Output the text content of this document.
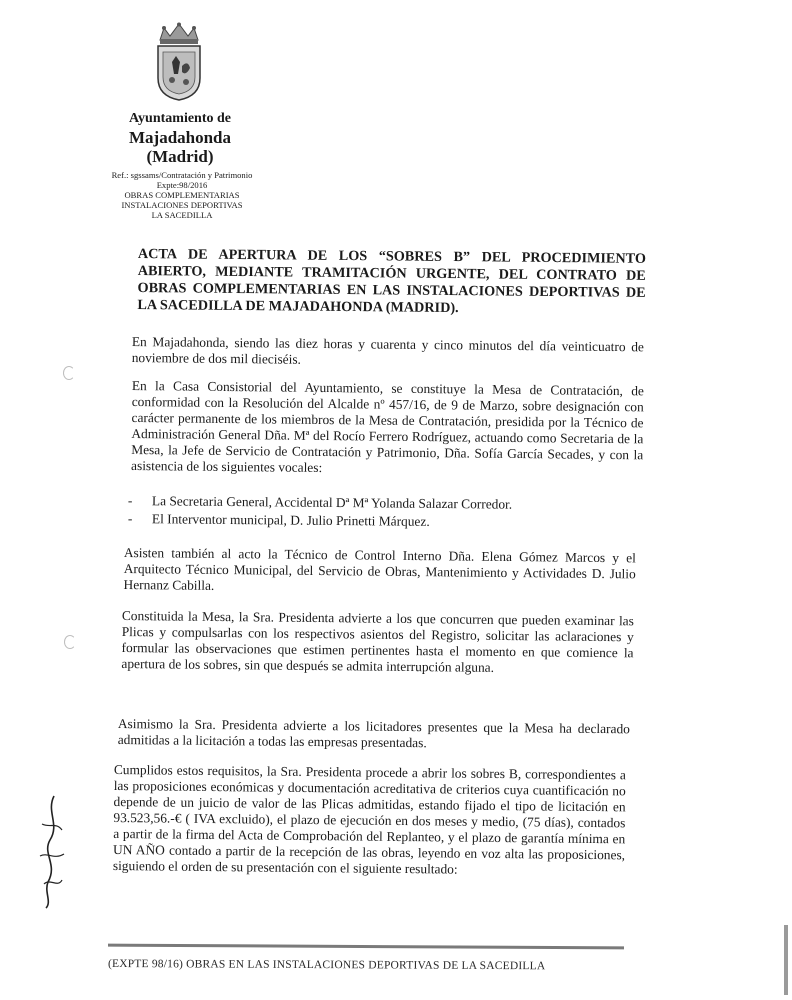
Ayuntamiento de
Majadahonda
(Madrid)
Ref.: sgssams/Contratación y Patrimonio
Expte:98/2016
OBRAS COMPLEMENTARIAS
INSTALACIONES DEPORTIVAS
LA SACEDILLA
ACTA DE APERTURA DE LOS “SOBRES B” DEL PROCEDIMIENTO ABIERTO, MEDIANTE TRAMITACIÓN URGENTE, DEL CONTRATO DE OBRAS COMPLEMENTARIAS EN LAS INSTALACIONES DEPORTIVAS DE LA SACEDILLA DE MAJADAHONDA (MADRID).
En Majadahonda, siendo las diez horas y cuarenta y cinco minutos del día veinticuatro de noviembre de dos mil dieciséis.
En la Casa Consistorial del Ayuntamiento, se constituye la Mesa de Contratación, de conformidad con la Resolución del Alcalde nº 457/16, de 9 de Marzo, sobre designación con carácter permanente de los miembros de la Mesa de Contratación, presidida por la Técnico de Administración General Dña. Mª del Rocío Ferrero Rodríguez, actuando como Secretaria de la Mesa, la Jefe de Servicio de Contratación y Patrimonio, Dña. Sofía García Secades, y con la asistencia de los siguientes vocales:
- La Secretaria General, Accidental Dª Mª Yolanda Salazar Corredor.
- El Interventor municipal, D. Julio Prinetti Márquez.
Asisten también al acto la Técnico de Control Interno Dña. Elena Gómez Marcos y el Arquitecto Técnico Municipal, del Servicio de Obras, Mantenimiento y Actividades D. Julio Hernanz Cabilla.
Constituida la Mesa, la Sra. Presidenta advierte a los que concurren que pueden examinar las Plicas y compulsarlas con los respectivos asientos del Registro, solicitar las aclaraciones y formular las observaciones que estimen pertinentes hasta el momento en que comience la apertura de los sobres, sin que después se admita interrupción alguna.
Asimismo la Sra. Presidenta advierte a los licitadores presentes que la Mesa ha declarado admitidas a la licitación a todas las empresas presentadas.
Cumplidos estos requisitos, la Sra. Presidenta procede a abrir los sobres B, correspondientes a las proposiciones económicas y documentación acreditativa de criterios cuya cuantificación no depende de un juicio de valor de las Plicas admitidas, estando fijado el tipo de licitación en 93.523,56.-€ ( IVA excluido), el plazo de ejecución en dos meses y medio, (75 días), contados a partir de la firma del Acta de Comprobación del Replanteo, y el plazo de garantía mínima en UN AÑO contado a partir de la recepción de las obras, leyendo en voz alta las proposiciones, siguiendo el orden de su presentación con el siguiente resultado:
(EXPTE 98/16) OBRAS EN LAS INSTALACIONES DEPORTIVAS DE LA SACEDILLA
